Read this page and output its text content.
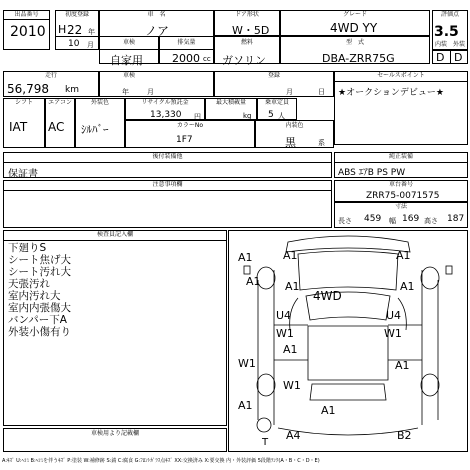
出品番号
2010
初度登録
H 22 年
10 月
車　名
ノア
ドア形状
W・5D
グレード
4WD YY
評価点
3.5
車検
自家用
排気量
2000 cc
燃料
ガソリン
型　式
DBA-ZRR75G
内装　外装
D D
走行
56,798 km
車検
年	月
登録
月	日
セールスポイント
★オークションデビュー★
シフト
IAT
エアコン
AC
外装色
ｼﾙﾊﾞｰ
リサイクル預託金
13,330 円
最大積載量
kg
乗車定員
5 人
カラーNo
1F7
内装色
黒	系
後付装備他
保証書
純正装備
ABS ｴｱB PS PW
注意事項欄	車台番号
ZRR75-0071575
寸法
長さ 459 幅 169 高さ 187
検査員記入欄
下廻りS
シート焦げ大
シート汚れ大
天張汚れ
室内汚れ大
室内内張傷大
バンパー下A
外装小傷有り
車検用より記載欄
A1	A1	A1
A1	A1
A1
4WD
U4	U4
W1
A1
W1
W1	A1
W1
A1	A1
T
A4	B2
A:ｷｽﾞ U:ﾍｺﾐ B:ﾍｺﾐを伴うｷｽﾞ P:塗装 W:補修跡 S:錆 C:腐食 G:ﾌﾛﾝﾄｶﾞﾗｽ点ｷｽﾞ XX:交換済み X:要交換 内・外装評価 5段階ﾗﾝｸ(A・B・C・D・E)
